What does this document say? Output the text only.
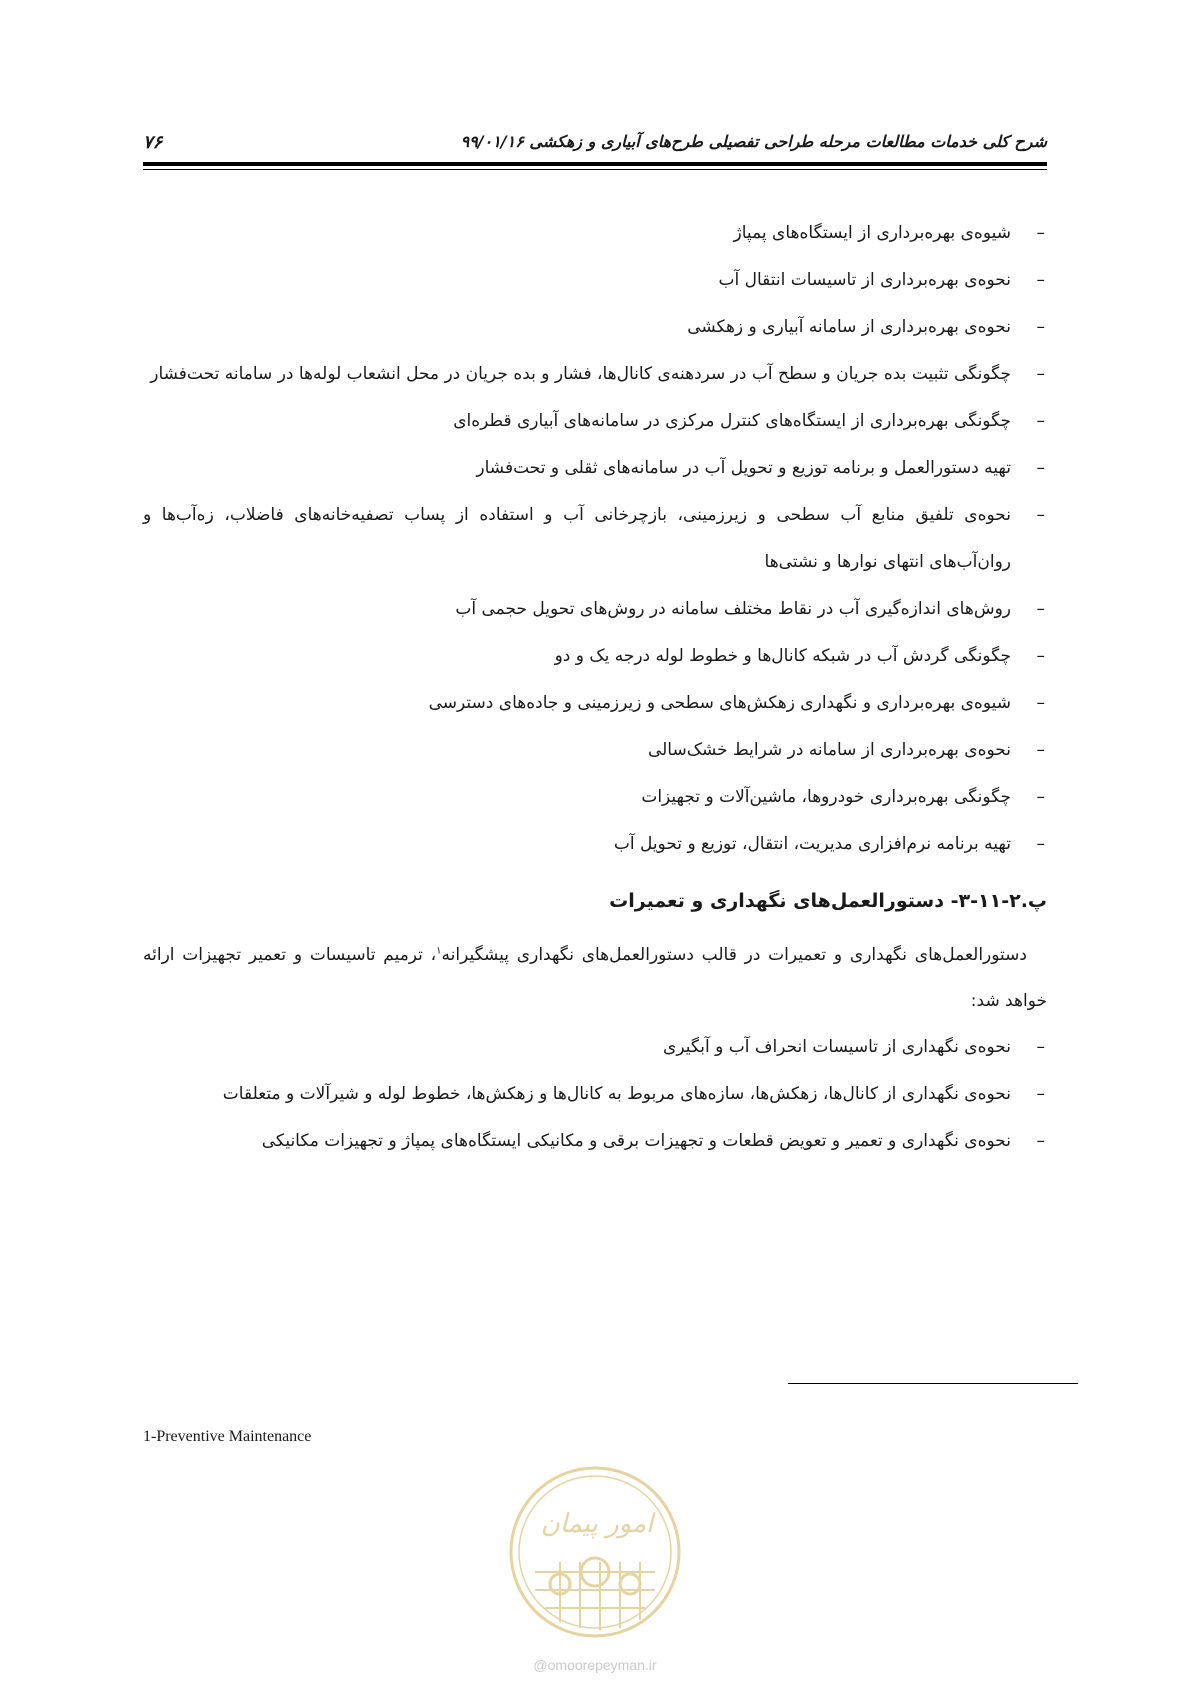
۷۶	شرح کلی خدمات مطالعات مرحله طراحی تفصیلی طرح‌های آبیاری و زهکشی ۹۹/۰۱/۱۶
–
شیوه‌ی بهره‌برداری از ایستگاه‌های پمپاژ
–
نحوه‌ی بهره‌برداری از تاسیسات انتقال آب
–
نحوه‌ی بهره‌برداری از سامانه آبیاری و زهکشی
–
چگونگی تثبیت بده جریان و سطح آب در سردهنه‌ی کانال‌ها، فشار و بده جریان در محل انشعاب لوله‌ها در سامانه تحت‌فشار
–
چگونگی بهره‌برداری از ایستگاه‌های کنترل مرکزی در سامانه‌های آبیاری قطره‌ای
–
تهیه دستورالعمل و برنامه توزیع و تحویل آب در سامانه‌های ثقلی و تحت‌فشار
–
نحوه‌ی تلفیق منابع آب سطحی و زیرزمینی، بازچرخانی آب و استفاده از پساب تصفیه‌خانه‌های فاضلاب، زه‌آب‌ها و روان‌آب‌های انتهای نوارها و نشتی‌ها
–
روش‌های اندازه‌گیری آب در نقاط مختلف سامانه در روش‌های تحویل حجمی آب
–
چگونگی گردش آب در شبکه کانال‌ها و خطوط لوله درجه یک و دو
–
شیوه‌ی بهره‌برداری و نگهداری زهکش‌های سطحی و زیرزمینی و جاده‌های دسترسی
–
نحوه‌ی بهره‌برداری از سامانه در شرایط خشک‌سالی
–
چگونگی بهره‌برداری خودروها، ماشین‌آلات و تجهیزات
–
تهیه برنامه نرم‌افزاری مدیریت، انتقال، توزیع و تحویل آب
پ.۲-۱۱-۳- دستورالعمل‌های نگهداری و تعمیرات

دستورالعمل‌های نگهداری و تعمیرات در قالب دستورالعمل‌های نگهداری پیشگیرانه$^۱$، ترمیم تاسیسات و تعمیر تجهیزات ارائه خواهد شد:

–
نحوه‌ی نگهداری از تاسیسات انحراف آب و آبگیری
–
نحوه‌ی نگهداری از کانال‌ها، زهکش‌ها، سازه‌های مربوط به کانال‌ها و زهکش‌ها، خطوط لوله و شیرآلات و متعلقات
–
نحوه‌ی نگهداری و تعمیر و تعویض قطعات و تجهیزات برقی و مکانیکی ایستگاه‌های پمپاژ و تجهیزات مکانیکی
1-Preventive Maintenance
امور پیمان
@omoorepeyman.ir
